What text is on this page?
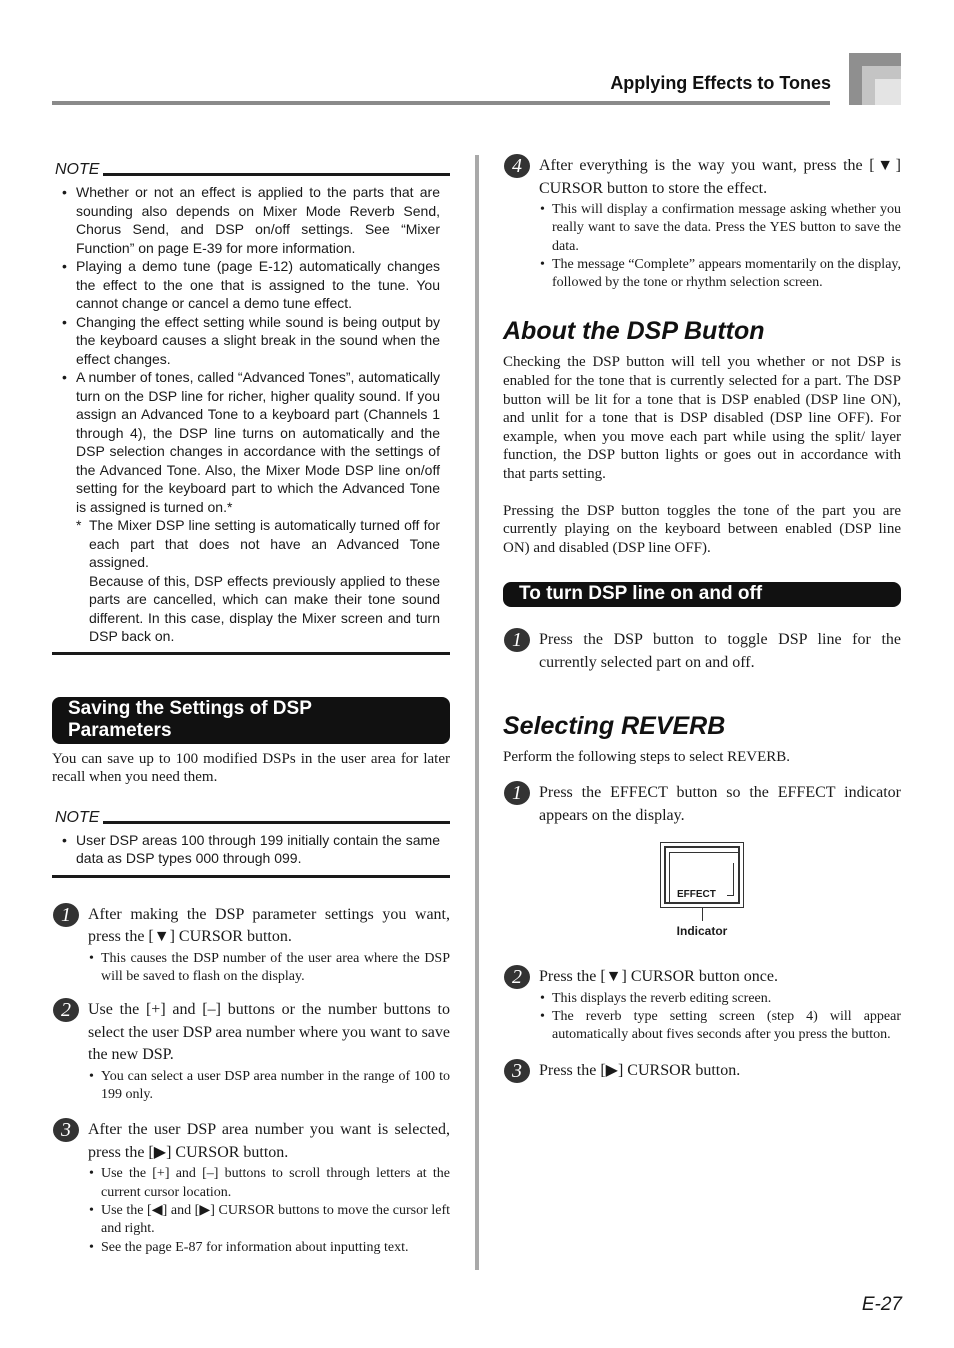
Applying Effects to Tones
NOTE
• Whether or not an effect is applied to the parts that are sounding also depends on Mixer Mode Reverb Send, Chorus Send, and DSP on/off settings. See “Mixer Function” on page E-39 for more information.
• Playing a demo tune (page E-12) automatically changes the effect to the one that is assigned to the tune. You cannot change or cancel a demo tune effect.
• Changing the effect setting while sound is being output by the keyboard causes a slight break in the sound when the effect changes.
• A number of tones, called “Advanced Tones”, automatically turn on the DSP line for richer, higher quality sound. If you assign an Advanced Tone to a keyboard part (Channels 1 through 4), the DSP line turns on automatically and the DSP selection changes in accordance with the settings of the Advanced Tone. Also, the Mixer Mode DSP line on/off setting for the keyboard part to which the Advanced Tone is assigned is turned on.*
* The Mixer DSP line setting is automatically turned off for each part that does not have an Advanced Tone assigned.
Because of this, DSP effects previously applied to these parts are cancelled, which can make their tone sound different. In this case, display the Mixer screen and turn DSP back on.
Saving the Settings of DSP
Parameters

You can save up to 100 modified DSPs in the user area for later recall when you need them.

NOTE
• User DSP areas 100 through 199 initially contain the same data as DSP types 000 through 099.
1	After making the DSP parameter settings you want, press the [▼] CURSOR button.
• This causes the DSP number of the user area where the DSP will be saved to flash on the display.
2	Use the [+] and [–] buttons or the number buttons to select the user DSP area number where you want to save the new DSP.
• You can select a user DSP area number in the range of 100 to 199 only.
3	After the user DSP area number you want is selected, press the [▶] CURSOR button.
• Use the [+] and [–] buttons to scroll through letters at the current cursor location.
• Use the [◀] and [▶] CURSOR buttons to move the cursor left and right.
• See the page E-87 for information about inputting text.
4	After everything is the way you want, press the [▼] CURSOR button to store the effect.
• This will display a confirmation message asking whether you really want to save the data. Press the YES button to save the data.
• The message “Complete” appears momentarily on the display, followed by the tone or rhythm selection screen.
About the DSP Button

Checking the DSP button will tell you whether or not DSP is enabled for the tone that is currently selected for a part. The DSP button will be lit for a tone that is DSP enabled (DSP line ON), and unlit for a tone that is DSP disabled (DSP line OFF). For example, when you move each part while using the split/ layer function, the DSP button lights or goes out in accordance with that parts setting.

Pressing the DSP button toggles the tone of the part you are currently playing on the keyboard between enabled (DSP line ON) and disabled (DSP line OFF).

To turn DSP line on and off
1	Press the DSP button to toggle DSP line for the currently selected part on and off.
Selecting REVERB

Perform the following steps to select REVERB.

1	Press the EFFECT button so the EFFECT indicator appears on the display.
EFFECT
Indicator
2	Press the [▼] CURSOR button once.
• This displays the reverb editing screen.
• The reverb type setting screen (step 4) will appear automatically about fives seconds after you press the button.
3	Press the [▶] CURSOR button.
E-27
